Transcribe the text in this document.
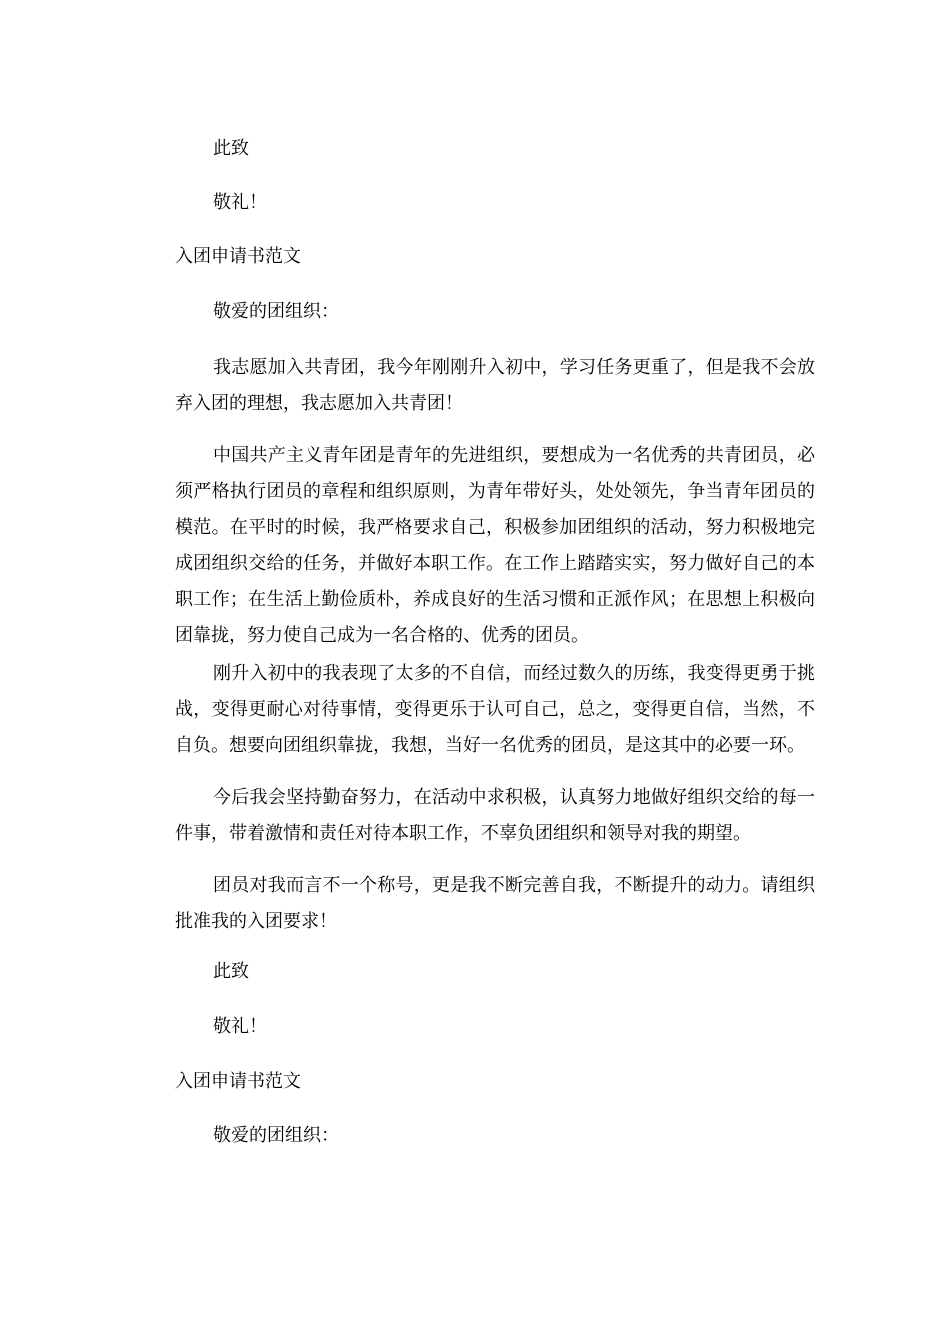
此致

敬礼！

入团申请书范文

敬爱的团组织：

我志愿加入共青团，我今年刚刚升入初中，学习任务更重了，但是我不会放弃入团的理想，我志愿加入共青团！

中国共产主义青年团是青年的先进组织，要想成为一名优秀的共青团员，必须严格执行团员的章程和组织原则，为青年带好头，处处领先，争当青年团员的模范。在平时的时候，我严格要求自己，积极参加团组织的活动，努力积极地完成团组织交给的任务，并做好本职工作。在工作上踏踏实实，努力做好自己的本职工作；在生活上勤俭质朴，养成良好的生活习惯和正派作风；在思想上积极向团靠拢，努力使自己成为一名合格的、优秀的团员。

刚升入初中的我表现了太多的不自信，而经过数久的历练，我变得更勇于挑战，变得更耐心对待事情，变得更乐于认可自己，总之，变得更自信，当然，不自负。想要向团组织靠拢，我想，当好一名优秀的团员，是这其中的必要一环。

今后我会坚持勤奋努力，在活动中求积极，认真努力地做好组织交给的每一件事，带着激情和责任对待本职工作，不辜负团组织和领导对我的期望。

团员对我而言不一个称号，更是我不断完善自我，不断提升的动力。请组织批准我的入团要求！

此致

敬礼！

入团申请书范文

敬爱的团组织：
